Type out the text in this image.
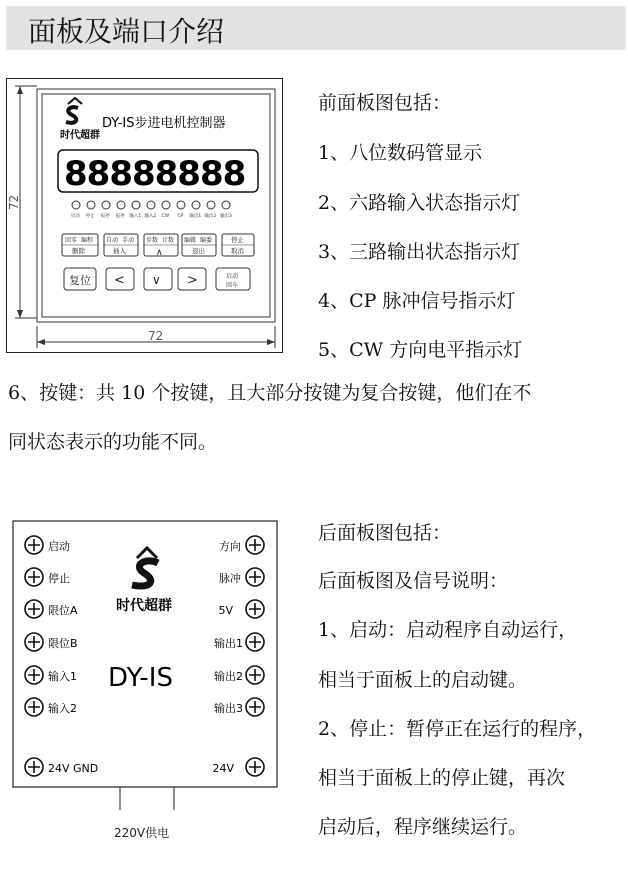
面板及端口介绍
72
72
时代超群
DY-IS步进电机控制器
88888888
启动 停止 报停 报停 输入1 输入2 CW CP 输出1 输出2 输出3
回零 编程
删除
自动 手动
插入
步数 计数
∧
编辑 编委
退出
停止
取消
复位 < ∨ >	启动
回车
前面板图包括：
1、八位数码管显示
2、六路输入状态指示灯
3、三路输出状态指示灯
4、CP 脉冲信号指示灯
5、CW 方向电平指示灯
6、按键：共 10 个按键，且大部分按键为复合按键，他们在不
同状态表示的功能不同。
220V供电
时代超群
DY-IS
启动
停止
限位A
限位B
输入1
输入2
24V GND
方向
脉冲
5V
输出1
输出2
输出3
24V
后面板图包括：
后面板图及信号说明：
1、启动：启动程序自动运行，
相当于面板上的启动键。
2、停止：暂停正在运行的程序，
相当于面板上的停止键，再次
启动后，程序继续运行。
